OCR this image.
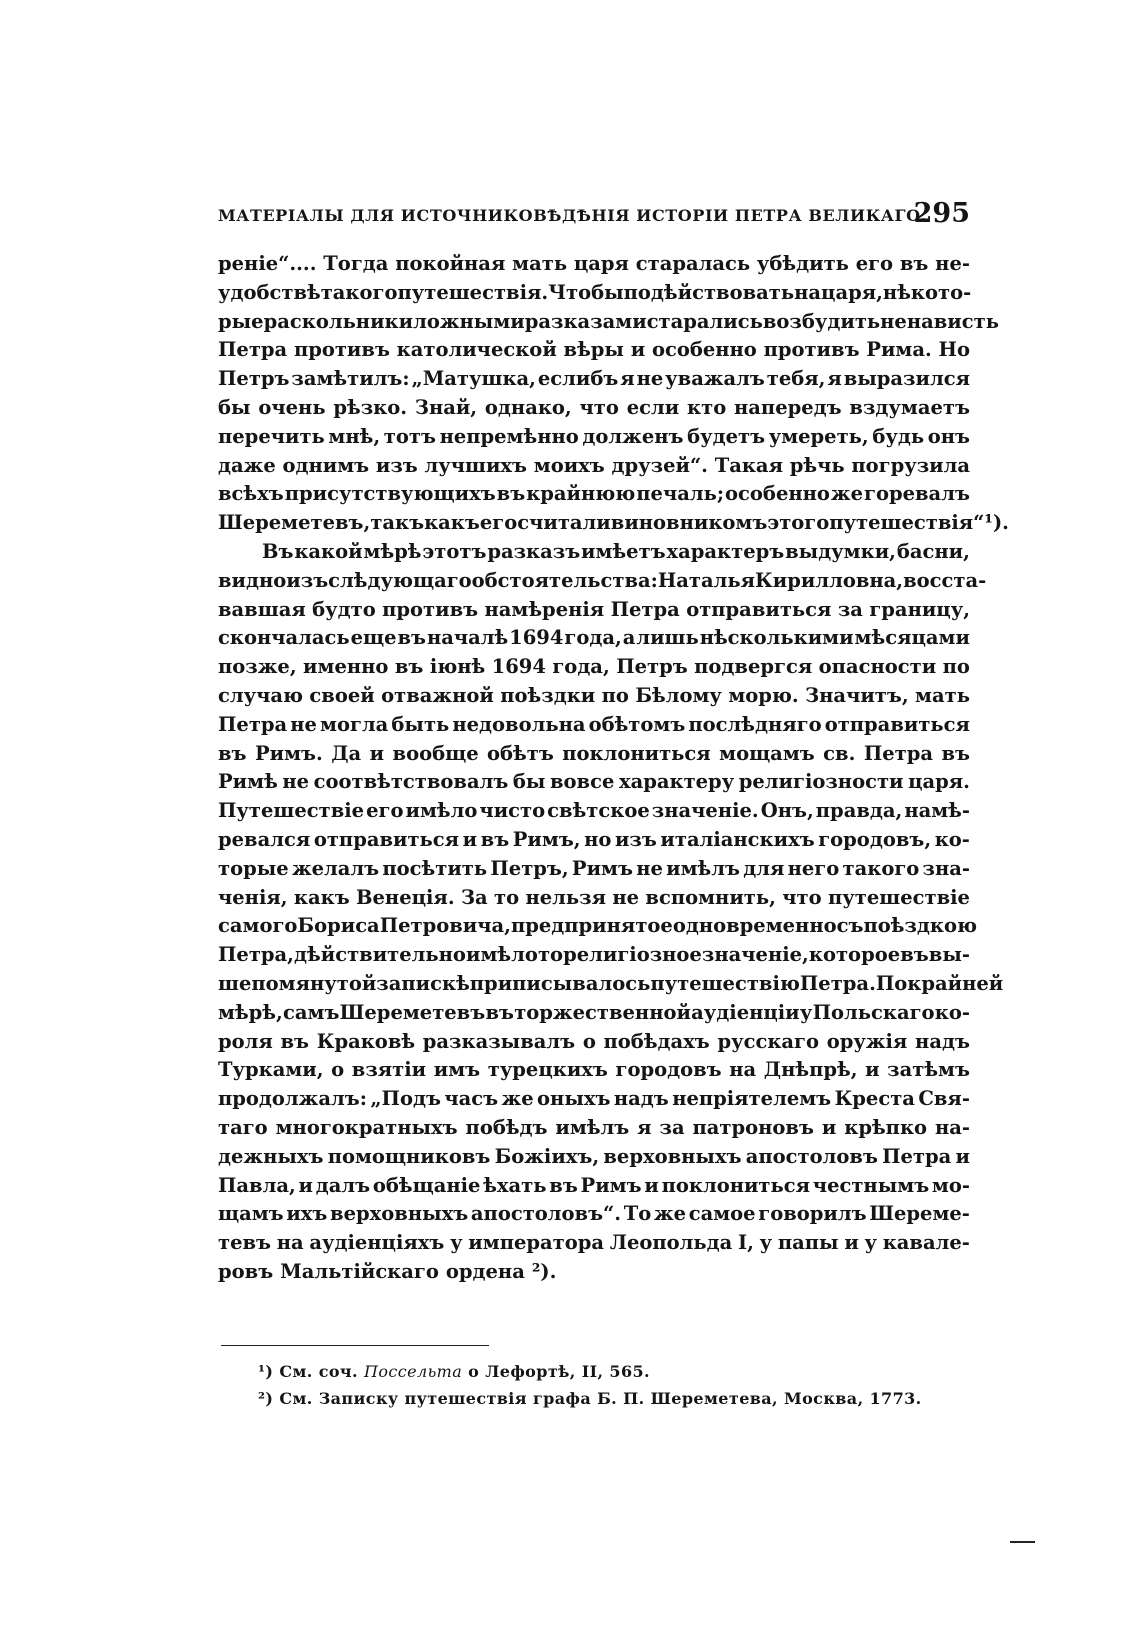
МАТЕРІАЛЫ ДЛЯ ИСТОЧНИКОВѢДѢНІЯ ИСТОРІИ ПЕТРА ВЕЛИКАГО.
295
ренiе“.... Тогда покойная мать царя старалась убѣдить его въ не-
удобствѣ такого путешествія. Чтобы подѣйствовать на царя, нѣкото-
рые раскольники ложными разказами старались возбудить ненависть
Петра противъ католической вѣры и особенно противъ Рима. Но
Петръ замѣтилъ: „Матушка, еслибъ я не уважалъ тебя, я выразился
бы очень рѣзко. Знай, однако, что если кто напередъ вздумаетъ
перечить мнѣ, тотъ непремѣнно долженъ будетъ умереть, будь онъ
даже однимъ изъ лучшихъ моихъ друзей“. Такая рѣчь погрузила
всѣхъ присутствующихъ въ крайнюю печаль; особенно же горевалъ
Шереметевъ, такъ какъ его считали виновникомъ этого путешествія“ ¹).
Въ какой мѣрѣ этотъ разказъ имѣетъ характеръ выдумки, басни,
видно изъ слѣдующаго обстоятельства: Наталья Кирилловна, восста-
вавшая будто противъ намѣренія Петра отправиться за границу,
скончалась еще въ началѣ 1694 года, а лишь нѣсколькими мѣсяцами
позже, именно въ іюнѣ 1694 года, Петръ подвергся опасности по
случаю своей отважной поѣздки по Бѣлому морю. Значитъ, мать
Петра не могла быть недовольна обѣтомъ послѣдняго отправиться
въ Римъ. Да и вообще обѣтъ поклониться мощамъ св. Петра въ
Римѣ не соотвѣтствовалъ бы вовсе характеру религіозности царя.
Путешествіе его имѣло чисто свѣтское значеніе. Онъ, правда, намѣ-
ревался отправиться и въ Римъ, но изъ италіанскихъ городовъ, ко-
торые желалъ посѣтить Петръ, Римъ не имѣлъ для него такого зна-
ченія, какъ Венеція. За то нельзя не вспомнить, что путешествіе
самого Бориса Петровича, предпринятое одновременно съ поѣздкою
Петра, дѣйствительно имѣло то религіозное значеніе, которое въ вы-
шепомянутой запискѣ приписывалось путешествію Петра. По крайней
мѣрѣ, самъ Шереметевъ въ торжественной аудіенціи у Польскаго ко-
роля въ Краковѣ разказывалъ о побѣдахъ русскаго оружія надъ
Турками, о взятіи имъ турецкихъ городовъ на Днѣпрѣ, и затѣмъ
продолжалъ: „Подъ часъ же оныхъ надъ непріятелемъ Креста Свя-
таго многократныхъ побѣдъ имѣлъ я за патроновъ и крѣпко на-
дежныхъ помощниковъ Божіихъ, верховныхъ апостоловъ Петра и
Павла, и далъ обѣщаніе ѣхать въ Римъ и поклониться честнымъ мо-
щамъ ихъ верховныхъ апостоловъ“. То же самое говорилъ Шереме-
тевъ на аудіенціяхъ у императора Леопольда I, у папы и у кавале-
ровъ Мальтійскаго ордена ²).
¹) См. соч. Поссельта о Лефортѣ, II, 565.
²) См. Записку путешествія графа Б. П. Шереметева, Москва, 1773.
